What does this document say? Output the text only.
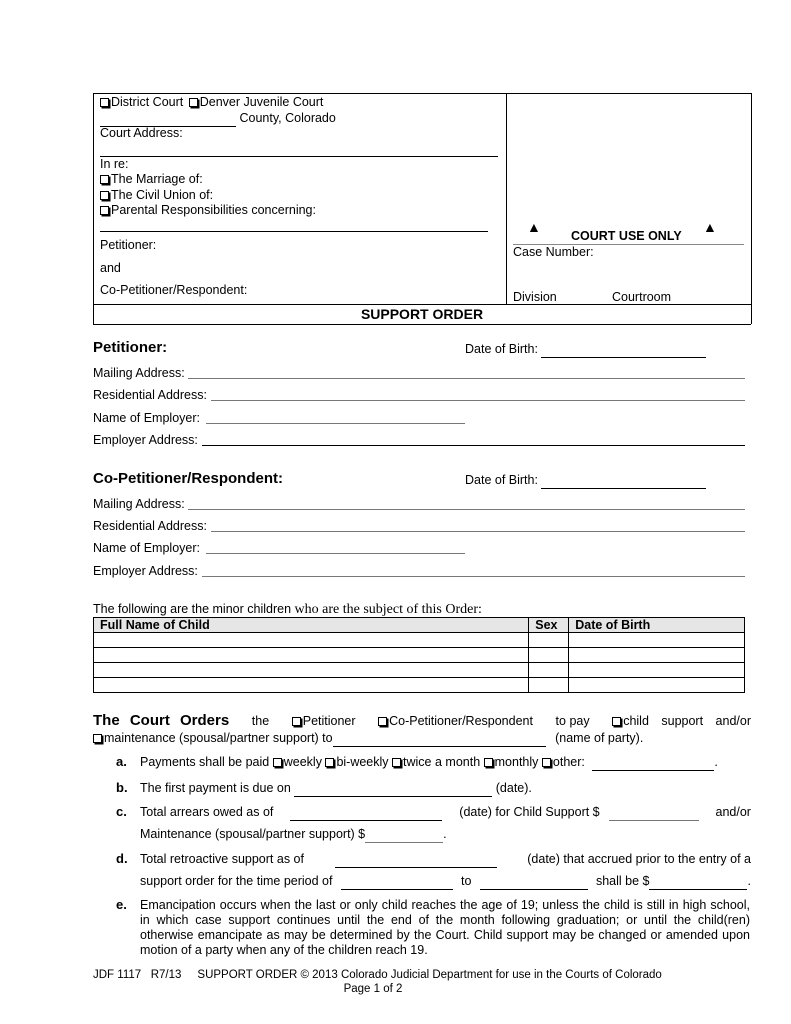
District Court Denver Juvenile Court
County, Colorado
Court Address:
In re:
The Marriage of:
The Civil Union of:
Parental Responsibilities concerning:
Petitioner:
and
Co-Petitioner/Respondent:
▲
COURT USE ONLY
▲
Case Number:
Division	Courtroom
SUPPORT ORDER
Petitioner:	Date of Birth:
Mailing Address:
Residential Address:
Name of Employer:
Employer Address:
Co-Petitioner/Respondent:	Date of Birth:
Mailing Address:
Residential Address:
Name of Employer:
Employer Address:
The following are the minor children who are the subject of this Order:
Full Name of Child	Sex	Date of Birth

The Court Orders the	Petitioner	Co-Petitioner/Respondent to pay	child support and/or
maintenance (spousal/partner support) to	(name of party).
a. Payments shall be paid weekly bi-weekly twice a month monthly other:	.
b. The first payment is due on	(date).
c. Total arrears owed as of
	(date) for Child Support $
	and/or
Maintenance (spousal/partner support) $	.
d. Total retroactive support as of
	(date) that accrued prior to the entry of a
support order for the time period of
	to
	shall be $	.
e. Emancipation occurs when the last or only child reaches the age of 19; unless the child is still in high school, in which case support continues until the end of the month following graduation; or until the child(ren) otherwise emancipate as may be determined by the Court. Child support may be changed or amended upon motion of a party when any of the children reach 19.
JDF 1117   R7/13     SUPPORT ORDER © 2013 Colorado Judicial Department for use in the Courts of Colorado
Page 1 of 2
